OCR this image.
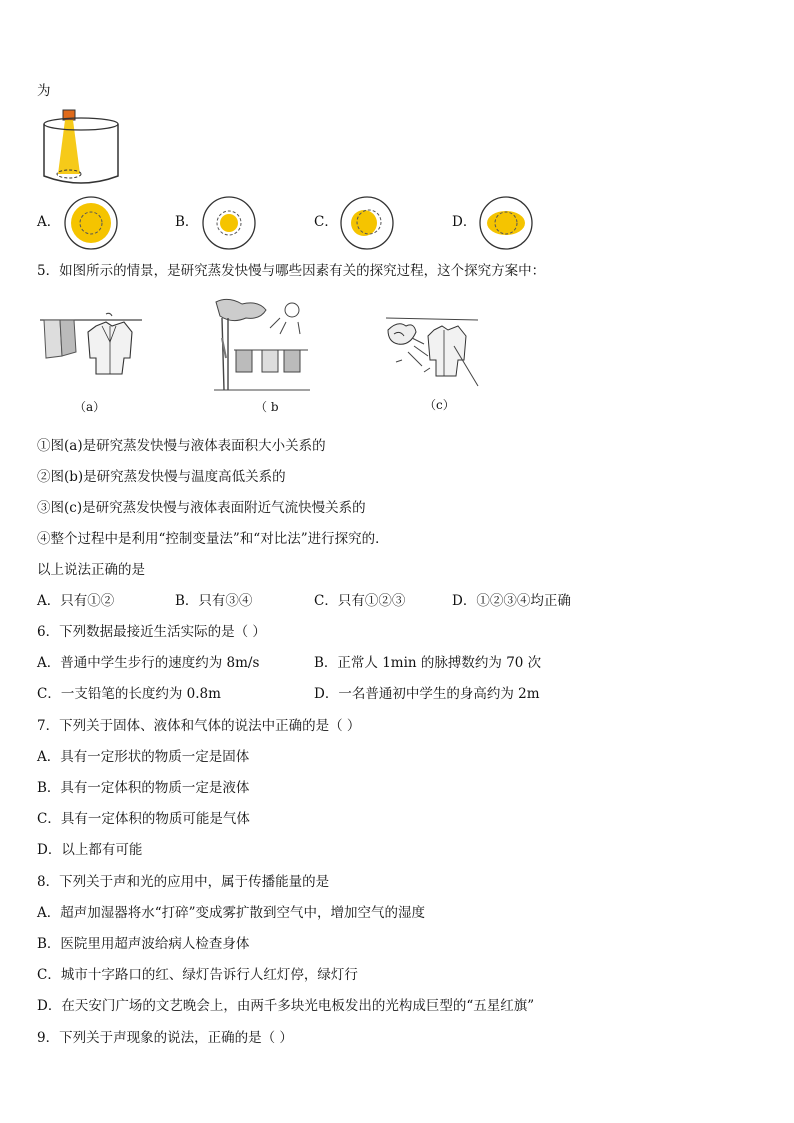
为
A．	B．	C．	D．
5．如图所示的情景，是研究蒸发快慢与哪些因素有关的探究过程，这个探究方案中：
（a）	（ b	（c）
①图(a)是研究蒸发快慢与液体表面积大小关系的
②图(b)是研究蒸发快慢与温度高低关系的
③图(c)是研究蒸发快慢与液体表面附近气流快慢关系的
④整个过程中是利用“控制变量法”和“对比法”进行探究的．
以上说法正确的是
A．只有①②	B．只有③④	C．只有①②③	D．①②③④均正确
6．下列数据最接近生活实际的是（ ）
A．普通中学生步行的速度约为 8m/s	B．正常人 1min 的脉搏数约为 70 次
C．一支铅笔的长度约为 0.8m	D．一名普通初中学生的身高约为 2m
7．下列关于固体、液体和气体的说法中正确的是（ ）
A．具有一定形状的物质一定是固体
B．具有一定体积的物质一定是液体
C．具有一定体积的物质可能是气体
D．以上都有可能
8．下列关于声和光的应用中，属于传播能量的是
A．超声加湿器将水“打碎”变成雾扩散到空气中，增加空气的湿度
B．医院里用超声波给病人检查身体
C．城市十字路口的红、绿灯告诉行人红灯停，绿灯行
D．在天安门广场的文艺晚会上，由两千多块光电板发出的光构成巨型的“五星红旗”
9．下列关于声现象的说法，正确的是（ ）
